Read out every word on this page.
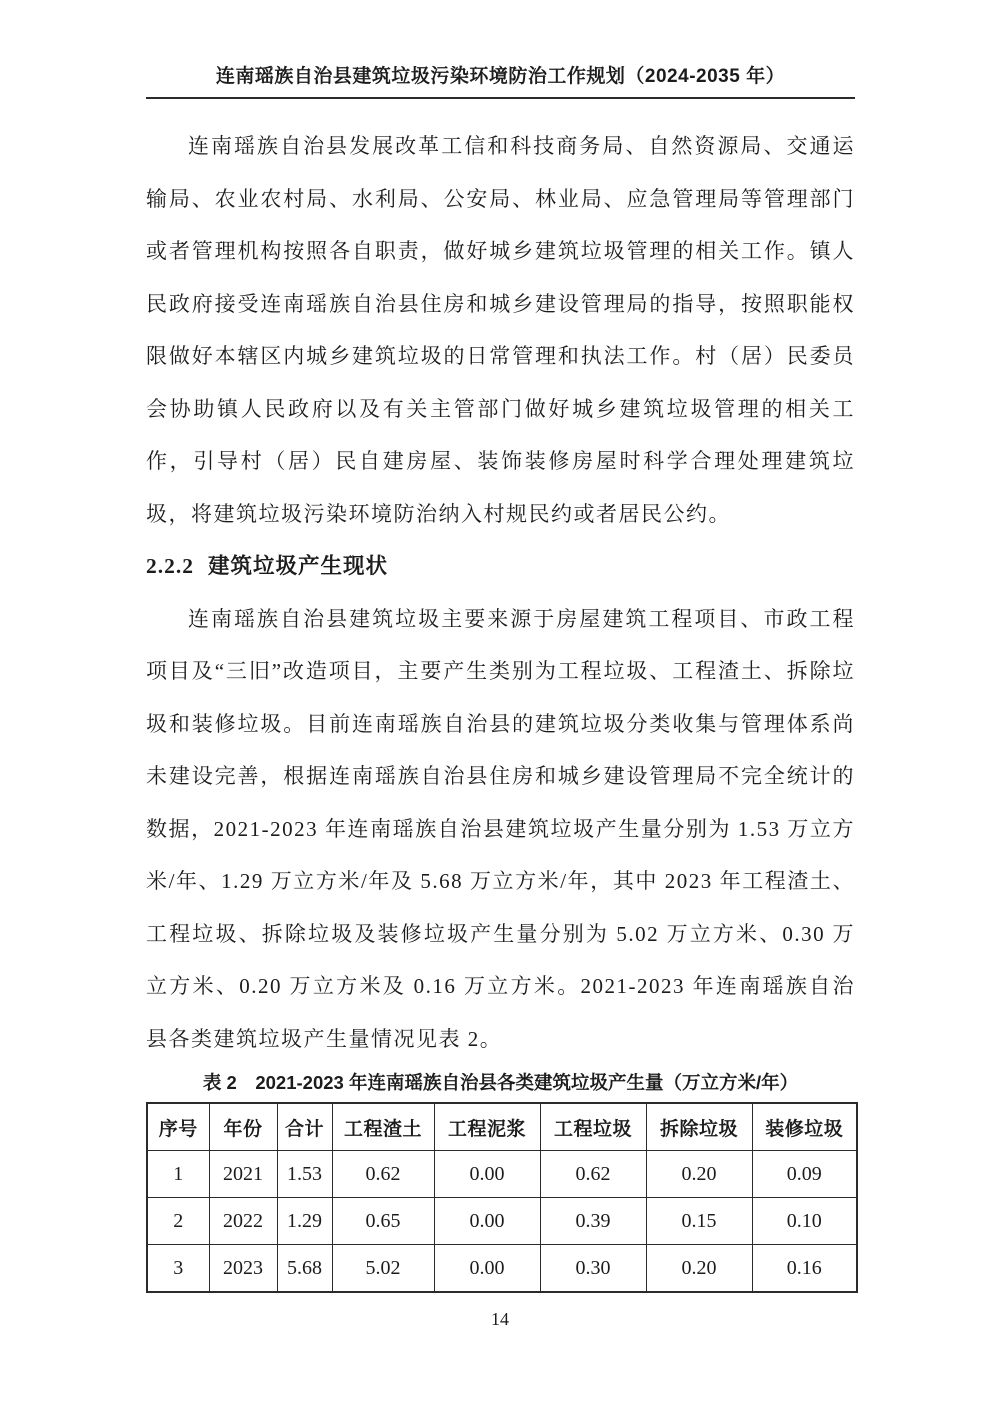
连南瑶族自治县建筑垃圾污染环境防治工作规划（2024-2035 年）

连南瑶族自治县发展改革工信和科技商务局、自然资源局、交通运输局、农业农村局、水利局、公安局、林业局、应急管理局等管理部门或者管理机构按照各自职责，做好城乡建筑垃圾管理的相关工作。镇人民政府接受连南瑶族自治县住房和城乡建设管理局的指导，按照职能权限做好本辖区内城乡建筑垃圾的日常管理和执法工作。村（居）民委员会协助镇人民政府以及有关主管部门做好城乡建筑垃圾管理的相关工作，引导村（居）民自建房屋、装饰装修房屋时科学合理处理建筑垃圾，将建筑垃圾污染环境防治纳入村规民约或者居民公约。

2.2.2 建筑垃圾产生现状

连南瑶族自治县建筑垃圾主要来源于房屋建筑工程项目、市政工程项目及“三旧”改造项目，主要产生类别为工程垃圾、工程渣土、拆除垃圾和装修垃圾。目前连南瑶族自治县的建筑垃圾分类收集与管理体系尚未建设完善，根据连南瑶族自治县住房和城乡建设管理局不完全统计的数据，2021-2023 年连南瑶族自治县建筑垃圾产生量分别为 1.53 万立方米/年、1.29 万立方米/年及 5.68 万立方米/年，其中 2023 年工程渣土、工程垃圾、拆除垃圾及装修垃圾产生量分别为 5.02 万立方米、0.30 万立方米、0.20 万立方米及 0.16 万立方米。2021-2023 年连南瑶族自治县各类建筑垃圾产生量情况见表 2。

表 2　2021-2023 年连南瑶族自治县各类建筑垃圾产生量（万立方米/年）
序号	年份	合计	工程渣土	工程泥浆	工程垃圾	拆除垃圾	装修垃圾
1	2021	1.53	0.62	0.00	0.62	0.20	0.09
2	2022	1.29	0.65	0.00	0.39	0.15	0.10
3	2023	5.68	5.02	0.00	0.30	0.20	0.16
14
